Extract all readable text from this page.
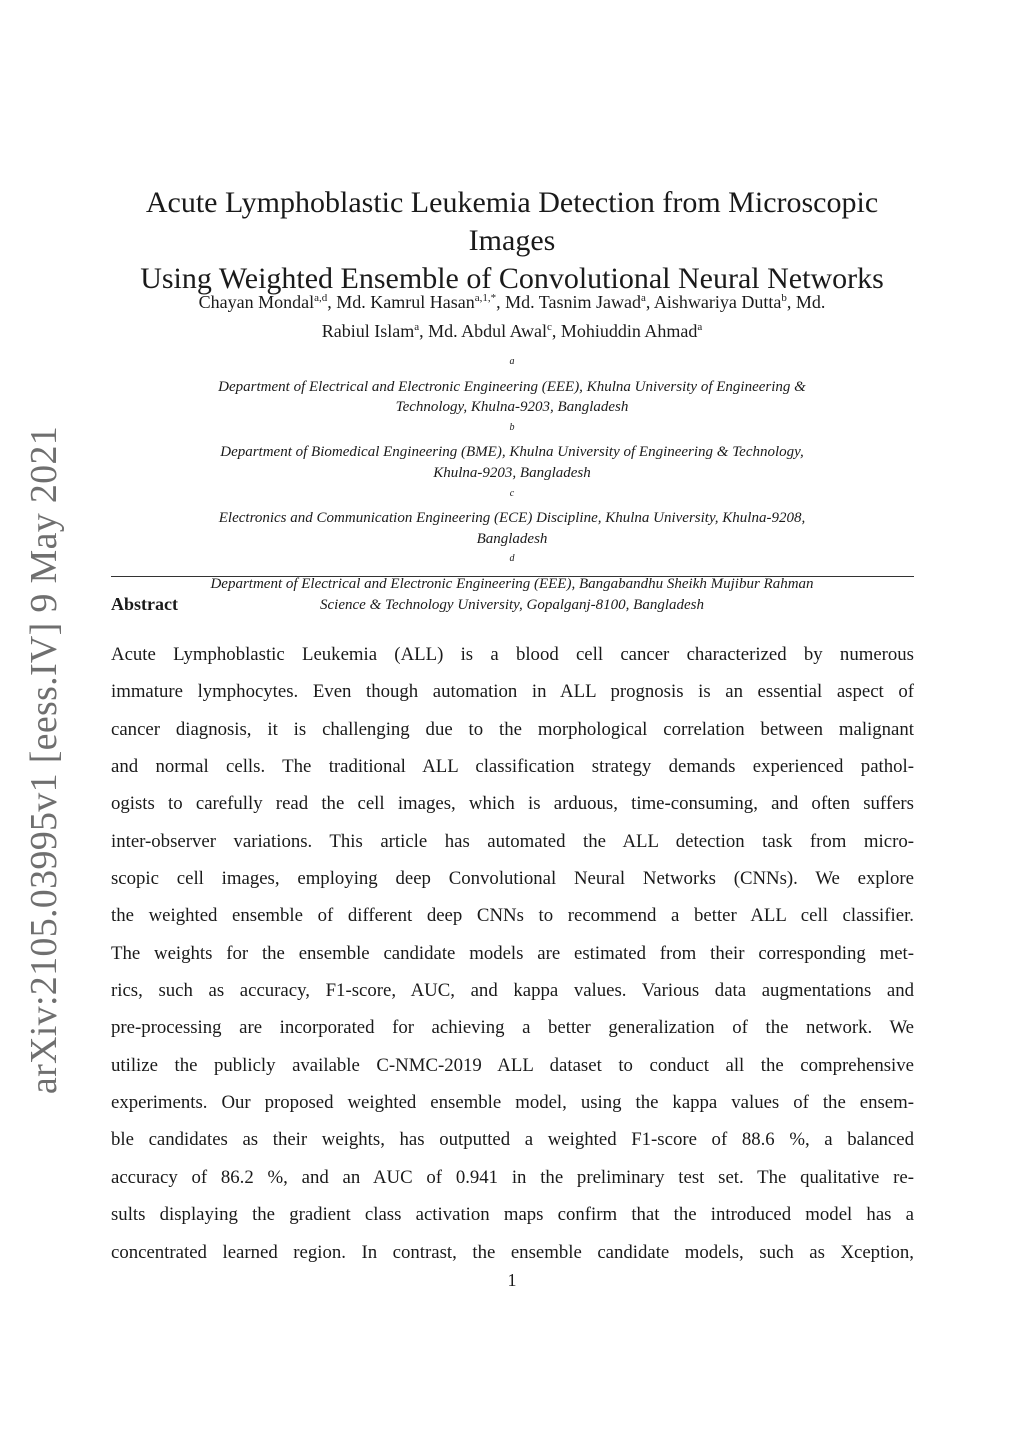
arXiv:2105.03995v1 [eess.IV] 9 May 2021
Acute Lymphoblastic Leukemia Detection from Microscopic Images
Using Weighted Ensemble of Convolutional Neural Networks
Chayan Mondal$^{a,d}$, Md. Kamrul Hasan$^{a,1,*}$, Md. Tasnim Jawad$^a$, Aishwariya Dutta$^b$, Md.
Rabiul Islam$^a$, Md. Abdul Awal$^c$, Mohiuddin Ahmad$^a$
$^a$
Department of Electrical and Electronic Engineering (EEE), Khulna University of Engineering &
Technology, Khulna-9203, Bangladesh
$^b$
Department of Biomedical Engineering (BME), Khulna University of Engineering & Technology,
Khulna-9203, Bangladesh
$^c$
Electronics and Communication Engineering (ECE) Discipline, Khulna University, Khulna-9208,
Bangladesh
$^d$
Department of Electrical and Electronic Engineering (EEE), Bangabandhu Sheikh Mujibur Rahman
Science & Technology University, Gopalganj-8100, Bangladesh
Abstract
Acute Lymphoblastic Leukemia (ALL) is a blood cell cancer characterized by numerous
immature lymphocytes. Even though automation in ALL prognosis is an essential aspect of
cancer diagnosis, it is challenging due to the morphological correlation between malignant
and normal cells. The traditional ALL classification strategy demands experienced pathol-
ogists to carefully read the cell images, which is arduous, time-consuming, and often suffers
inter-observer variations. This article has automated the ALL detection task from micro-
scopic cell images, employing deep Convolutional Neural Networks (CNNs). We explore
the weighted ensemble of different deep CNNs to recommend a better ALL cell classifier.
The weights for the ensemble candidate models are estimated from their corresponding met-
rics, such as accuracy, F1-score, AUC, and kappa values. Various data augmentations and
pre-processing are incorporated for achieving a better generalization of the network. We
utilize the publicly available C-NMC-2019 ALL dataset to conduct all the comprehensive
experiments. Our proposed weighted ensemble model, using the kappa values of the ensem-
ble candidates as their weights, has outputted a weighted F1-score of 88.6 %, a balanced
accuracy of 86.2 %, and an AUC of 0.941 in the preliminary test set. The qualitative re-
sults displaying the gradient class activation maps confirm that the introduced model has a
concentrated learned region. In contrast, the ensemble candidate models, such as Xception,
1
